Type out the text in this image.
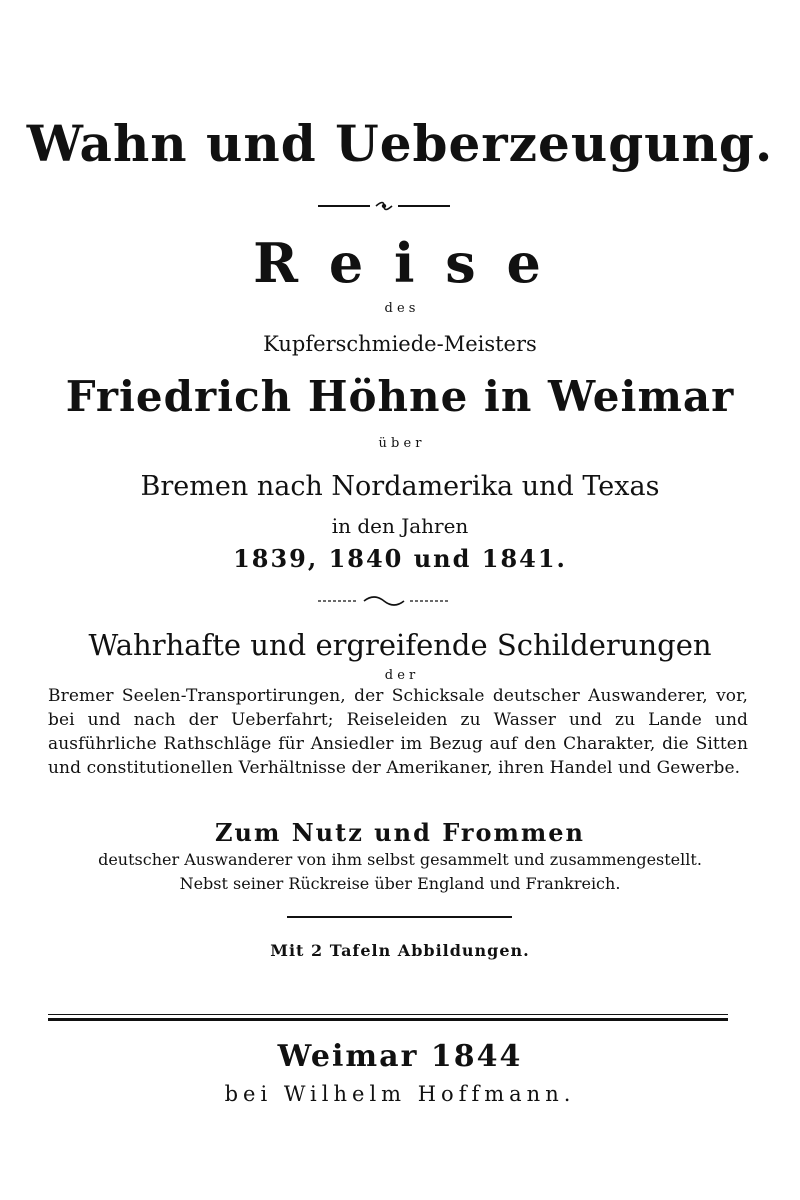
Wahn und Ueberzeugung.
R e i s e
d e s
Kupferschmiede-Meisters
Friedrich Höhne in Weimar
ü b e r
Bremen nach Nordamerika und Texas
in den Jahren
1839, 1840 und 1841.
Wahrhafte und ergreifende Schilderungen
d e r
Bremer Seelen-Transportirungen, der Schicksale deutscher Auswanderer, vor, bei und nach der Ueberfahrt; Reiseleiden zu Wasser und zu Lande und ausführliche Rathschläge für Ansiedler im Bezug auf den Charakter, die Sitten und constitutionellen Verhältnisse der Amerikaner, ihren Handel und Gewerbe.
Zum Nutz und Frommen
deutscher Auswanderer von ihm selbst gesammelt und zusammengestellt.
Nebst seiner Rückreise über England und Frankreich.
Mit 2 Tafeln Abbildungen.
Weimar 1844
bei Wilhelm Hoffmann.
